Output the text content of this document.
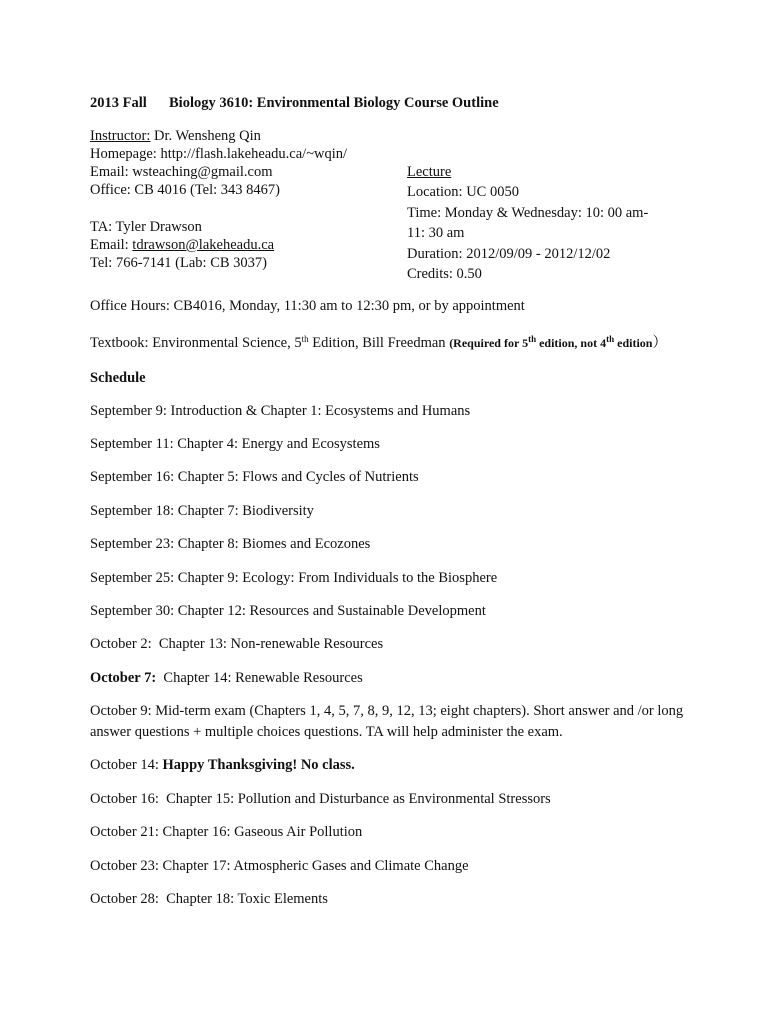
2013 Fall Biology 3610: Environmental Biology Course Outline
Instructor: Dr. Wensheng Qin
Homepage: http://flash.lakeheadu.ca/~wqin/
Email: wsteaching@gmail.com
Office: CB 4016 (Tel: 343 8467)
TA: Tyler Drawson
Email: tdrawson@lakeheadu.ca
Tel: 766-7141 (Lab: CB 3037)
Lecture
Location: UC 0050
Time: Monday & Wednesday: 10: 00 am-
11: 30 am
Duration: 2012/09/09 - 2012/12/02
Credits: 0.50
Office Hours: CB4016, Monday, 11:30 am to 12:30 pm, or by appointment
Textbook: Environmental Science, 5th Edition, Bill Freedman (Required for 5th edition, not 4th edition）
Schedule
September 9: Introduction & Chapter 1: Ecosystems and Humans
September 11: Chapter 4: Energy and Ecosystems
September 16: Chapter 5: Flows and Cycles of Nutrients
September 18: Chapter 7: Biodiversity
September 23: Chapter 8: Biomes and Ecozones
September 25: Chapter 9: Ecology: From Individuals to the Biosphere
September 30: Chapter 12: Resources and Sustainable Development
October 2:  Chapter 13: Non-renewable Resources
October 7:  Chapter 14: Renewable Resources
October 9: Mid-term exam (Chapters 1, 4, 5, 7, 8, 9, 12, 13; eight chapters). Short answer and /or long answer questions + multiple choices questions. TA will help administer the exam.
October 14: Happy Thanksgiving! No class.
October 16:  Chapter 15: Pollution and Disturbance as Environmental Stressors
October 21: Chapter 16: Gaseous Air Pollution
October 23: Chapter 17: Atmospheric Gases and Climate Change
October 28:  Chapter 18: Toxic Elements
